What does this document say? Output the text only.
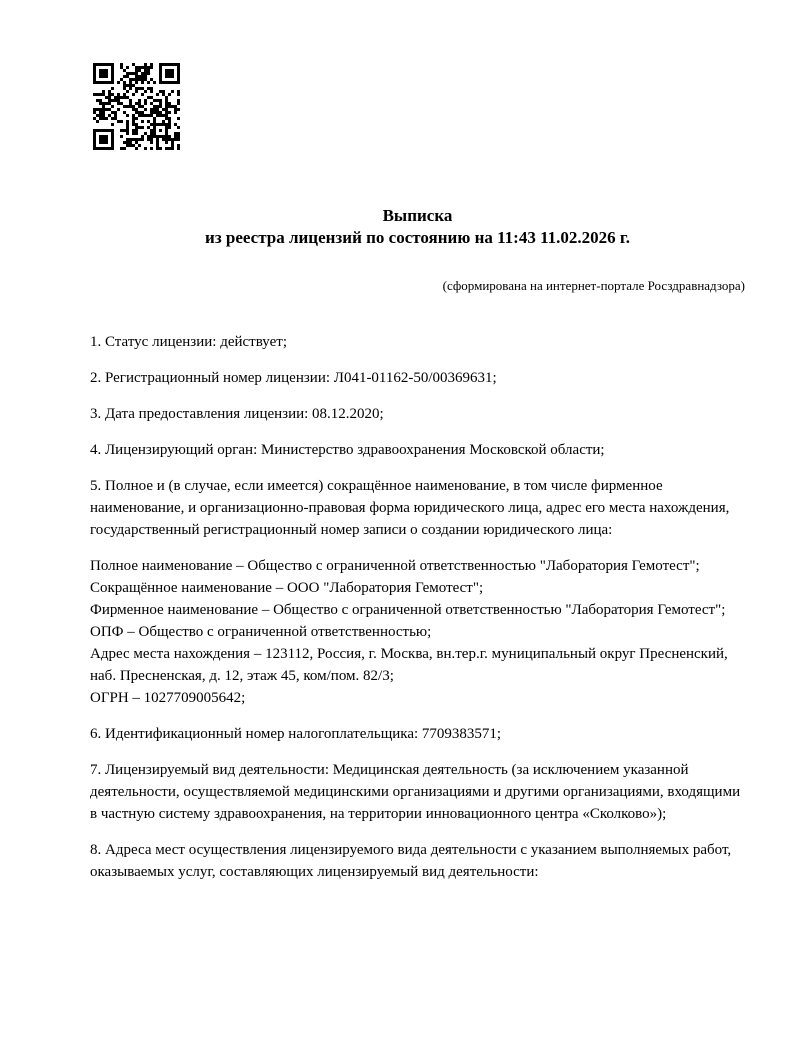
Выписка
из реестра лицензий по состоянию на 11:43 11.02.2026 г.
(сформирована на интернет-портале Росздравнадзора)
1. Статус лицензии: действует;
2. Регистрационный номер лицензии: Л041-01162-50/00369631;
3. Дата предоставления лицензии: 08.12.2020;
4. Лицензирующий орган: Министерство здравоохранения Московской области;
5. Полное и (в случае, если имеется) сокращённое наименование, в том числе фирменное наименование, и организационно-правовая форма юридического лица, адрес его места нахождения, государственный регистрационный номер записи о создании юридического лица:
Полное наименование – Общество с ограниченной ответственностью "Лаборатория Гемотест";
Сокращённое наименование – ООО "Лаборатория Гемотест";
Фирменное наименование – Общество с ограниченной ответственностью "Лаборатория Гемотест";
ОПФ – Общество с ограниченной ответственностью;
Адрес места нахождения – 123112, Россия, г. Москва, вн.тер.г. муниципальный округ Пресненский, наб. Пресненская, д. 12, этаж 45, ком/пом. 82/3;
ОГРН – 1027709005642;
6. Идентификационный номер налогоплательщика: 7709383571;
7. Лицензируемый вид деятельности: Медицинская деятельность (за исключением указанной деятельности, осуществляемой медицинскими организациями и другими организациями, входящими в частную систему здравоохранения, на территории инновационного центра «Сколково»);
8. Адреса мест осуществления лицензируемого вида деятельности с указанием выполняемых работ, оказываемых услуг, составляющих лицензируемый вид деятельности:
